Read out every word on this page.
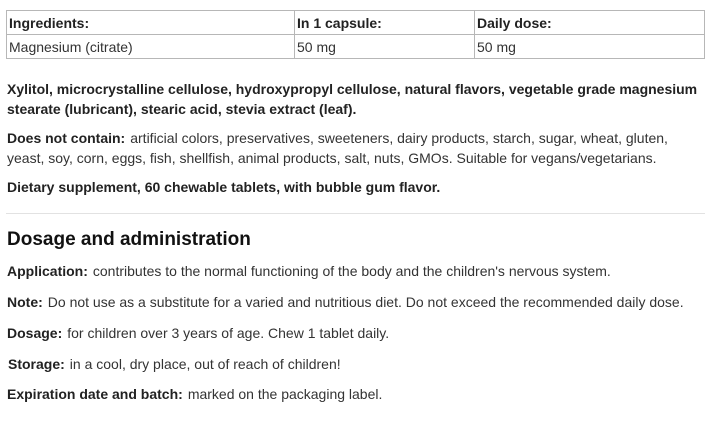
Ingredients:	In 1 capsule:	Daily dose:
Magnesium (citrate)	50 mg	50 mg

Xylitol, microcrystalline cellulose, hydroxypropyl cellulose, natural flavors, vegetable grade magnesium stearate (lubricant), stearic acid, stevia extract (leaf).

Does not contain: artificial colors, preservatives, sweeteners, dairy products, starch, sugar, wheat, gluten, yeast, soy, corn, eggs, fish, shellfish, animal products, salt, nuts, GMOs. Suitable for vegans/vegetarians.

Dietary supplement, 60 chewable tablets, with bubble gum flavor.

Dosage and administration

Application: contributes to the normal functioning of the body and the children's nervous system.

Note: Do not use as a substitute for a varied and nutritious diet. Do not exceed the recommended daily dose.

Dosage: for children over 3 years of age. Chew 1 tablet daily.

Storage: in a cool, dry place, out of reach of children!

Expiration date and batch: marked on the packaging label.
